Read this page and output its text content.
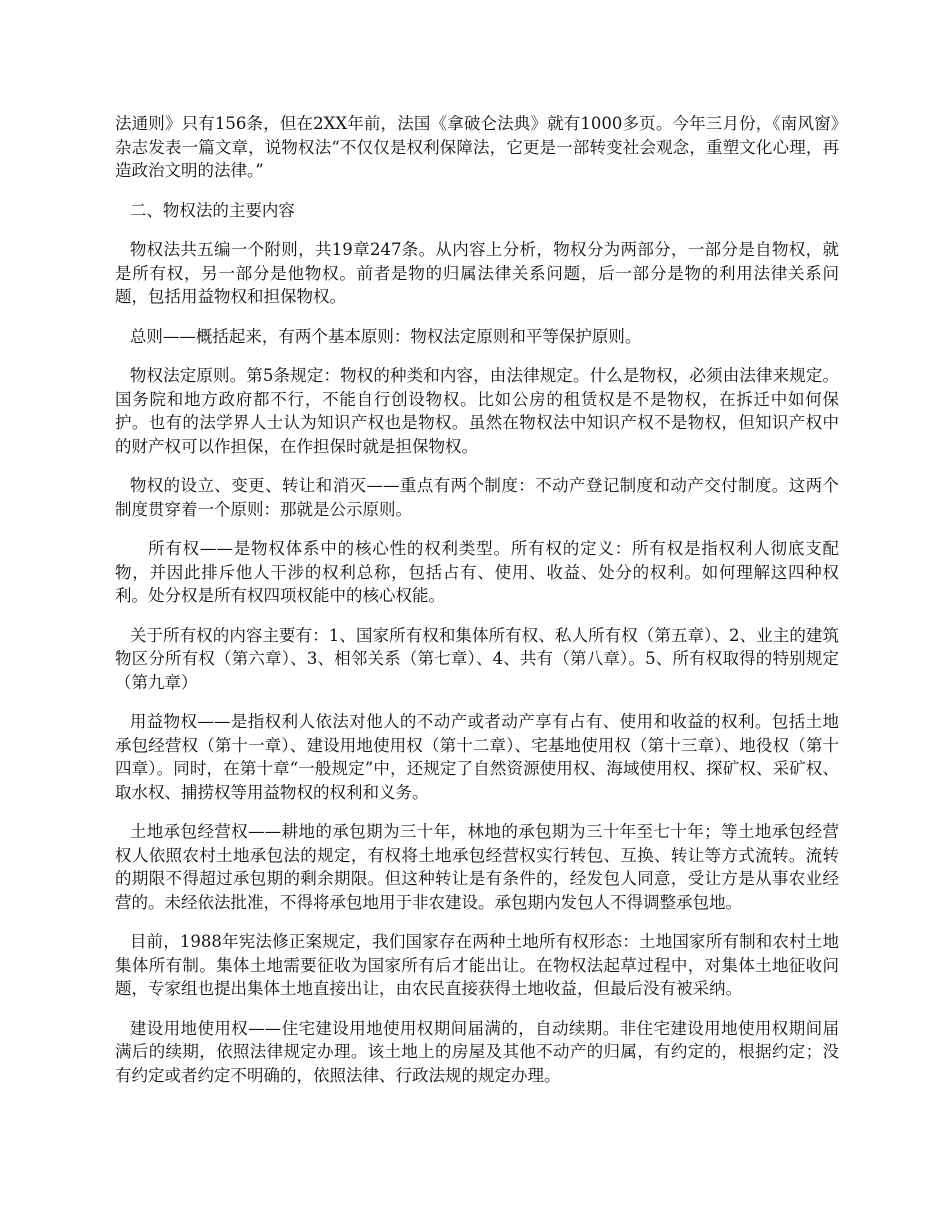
法通则》只有156条，但在2XX年前，法国《拿破仑法典》就有1000多页。今年三月份，《南风窗》杂志发表一篇文章，说物权法“不仅仅是权利保障法，它更是一部转变社会观念，重塑文化心理，再造政治文明的法律。”

二、物权法的主要内容

物权法共五编一个附则，共19章247条。从内容上分析，物权分为两部分，一部分是自物权，就是所有权，另一部分是他物权。前者是物的归属法律关系问题，后一部分是物的利用法律关系问题，包括用益物权和担保物权。

总则——概括起来，有两个基本原则：物权法定原则和平等保护原则。

物权法定原则。第5条规定：物权的种类和内容，由法律规定。什么是物权，必须由法律来规定。国务院和地方政府都不行，不能自行创设物权。比如公房的租赁权是不是物权，在拆迁中如何保护。也有的法学界人士认为知识产权也是物权。虽然在物权法中知识产权不是物权，但知识产权中的财产权可以作担保，在作担保时就是担保物权。

物权的设立、变更、转让和消灭——重点有两个制度：不动产登记制度和动产交付制度。这两个制度贯穿着一个原则：那就是公示原则。

所有权——是物权体系中的核心性的权利类型。所有权的定义：所有权是指权利人彻底支配物，并因此排斥他人干涉的权利总称，包括占有、使用、收益、处分的权利。如何理解这四种权利。处分权是所有权四项权能中的核心权能。

关于所有权的内容主要有：1、国家所有权和集体所有权、私人所有权（第五章）、2、业主的建筑物区分所有权（第六章）、3、相邻关系（第七章）、4、共有（第八章）。5、所有权取得的特别规定（第九章）

用益物权——是指权利人依法对他人的不动产或者动产享有占有、使用和收益的权利。包括土地承包经营权（第十一章）、建设用地使用权（第十二章）、宅基地使用权（第十三章）、地役权（第十四章）。同时，在第十章“一般规定”中，还规定了自然资源使用权、海域使用权、探矿权、采矿权、取水权、捕捞权等用益物权的权利和义务。

土地承包经营权——耕地的承包期为三十年，林地的承包期为三十年至七十年；等土地承包经营权人依照农村土地承包法的规定，有权将土地承包经营权实行转包、互换、转让等方式流转。流转的期限不得超过承包期的剩余期限。但这种转让是有条件的，经发包人同意，受让方是从事农业经营的。未经依法批准，不得将承包地用于非农建设。承包期内发包人不得调整承包地。

目前，1988年宪法修正案规定，我们国家存在两种土地所有权形态：土地国家所有制和农村土地集体所有制。集体土地需要征收为国家所有后才能出让。在物权法起草过程中，对集体土地征收问题，专家组也提出集体土地直接出让，由农民直接获得土地收益，但最后没有被采纳。

建设用地使用权——住宅建设用地使用权期间届满的，自动续期。非住宅建设用地使用权期间届满后的续期，依照法律规定办理。该土地上的房屋及其他不动产的归属，有约定的，根据约定；没有约定或者约定不明确的，依照法律、行政法规的规定办理。
